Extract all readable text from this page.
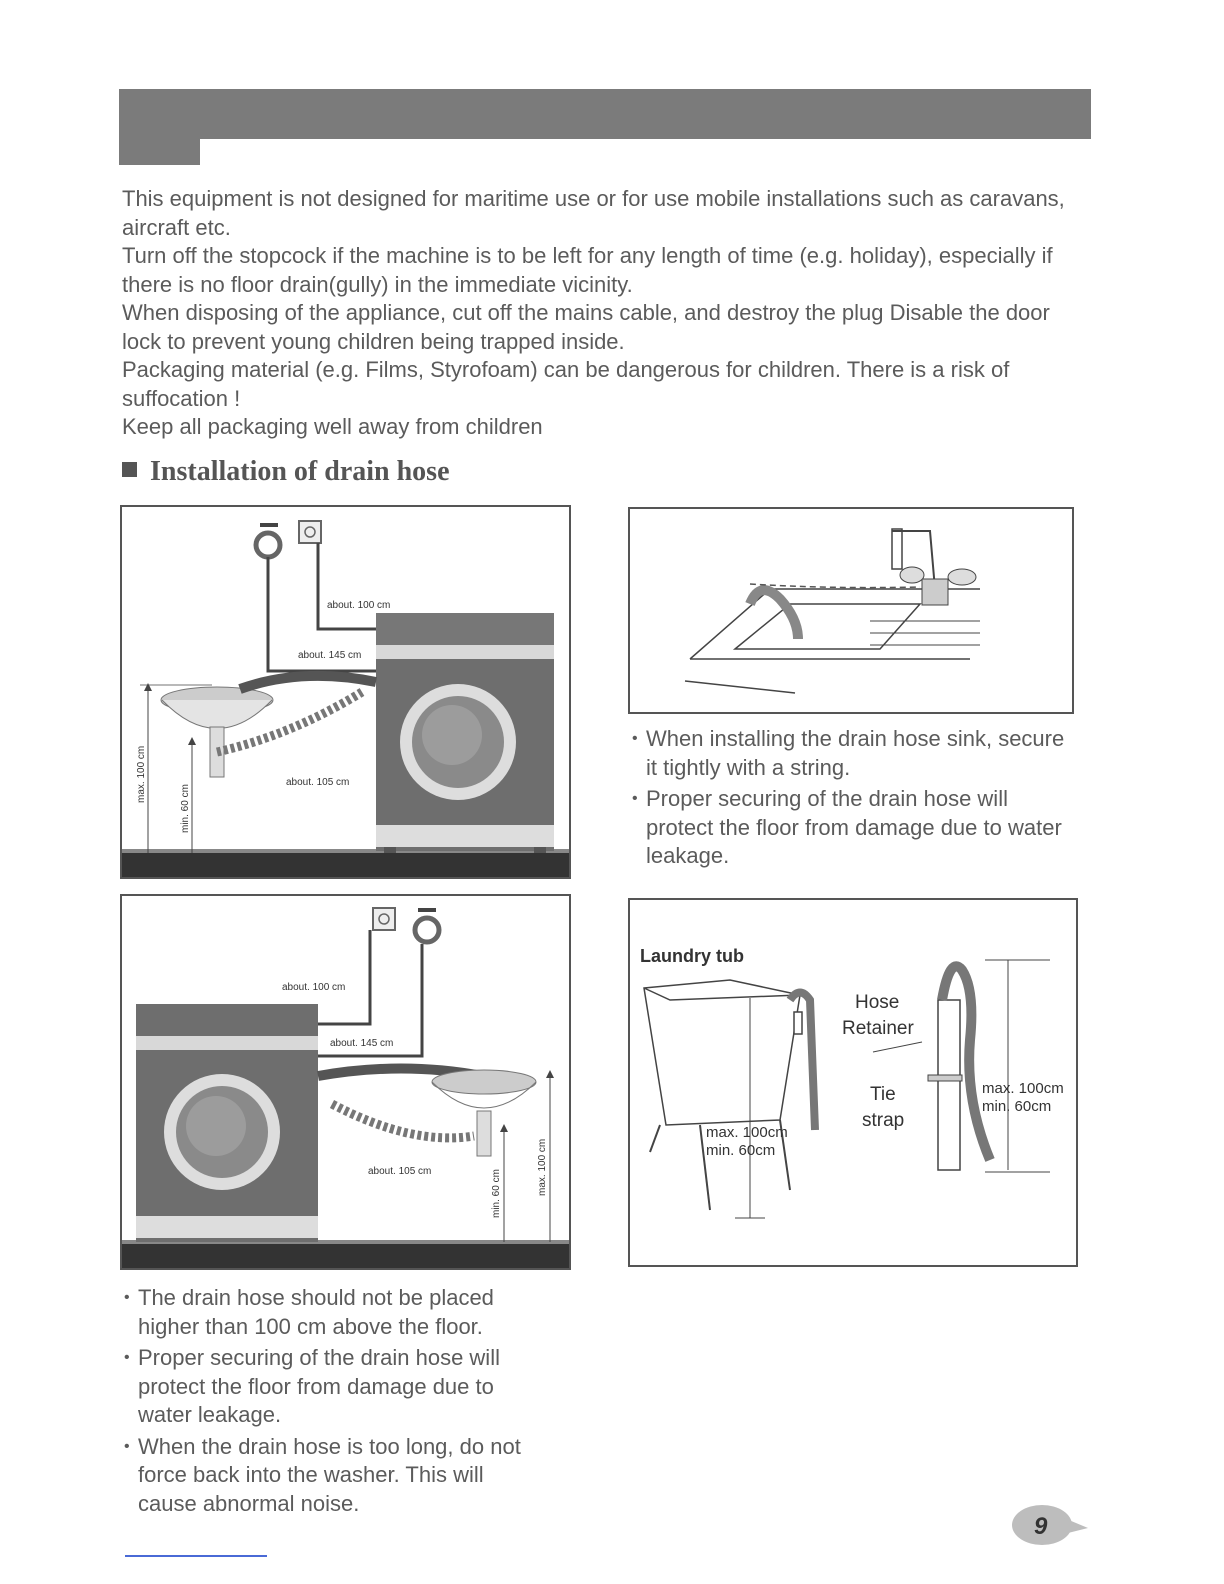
This equipment is not designed for maritime use or for use mobile installations such as caravans, aircraft etc.

Turn off the stopcock if the machine is to be left for any length of time (e.g. holiday), especially if there is no floor drain(gully) in the immediate vicinity.

When disposing of the appliance, cut off the mains cable, and destroy the plug Disable the door lock to prevent young children being trapped inside.

Packaging material (e.g. Films, Styrofoam) can be dangerous for children. There is a risk of suffocation !

Keep all packaging well away from children

Installation of drain hose
about. 100 cm
about. 145 cm
about. 105 cm
max. 100 cm
min. 60 cm
• When installing the drain hose sink, secure it tightly with a string.
• Proper securing of the drain hose will protect the floor from damage due to water leakage.
about. 100 cm
about. 145 cm
about. 105 cm	min. 60 cm	max. 100 cm
Laundry tub
Hose
Retainer
Tie
strap
max. 100cm
min. 60cm
max. 100cm
min. 60cm
• The drain hose should not be placed higher than 100 cm above the floor.
• Proper securing of the drain hose will protect the floor from damage due to water leakage.
• When the drain hose is too long, do not force back into the washer. This will cause abnormal noise.
9
